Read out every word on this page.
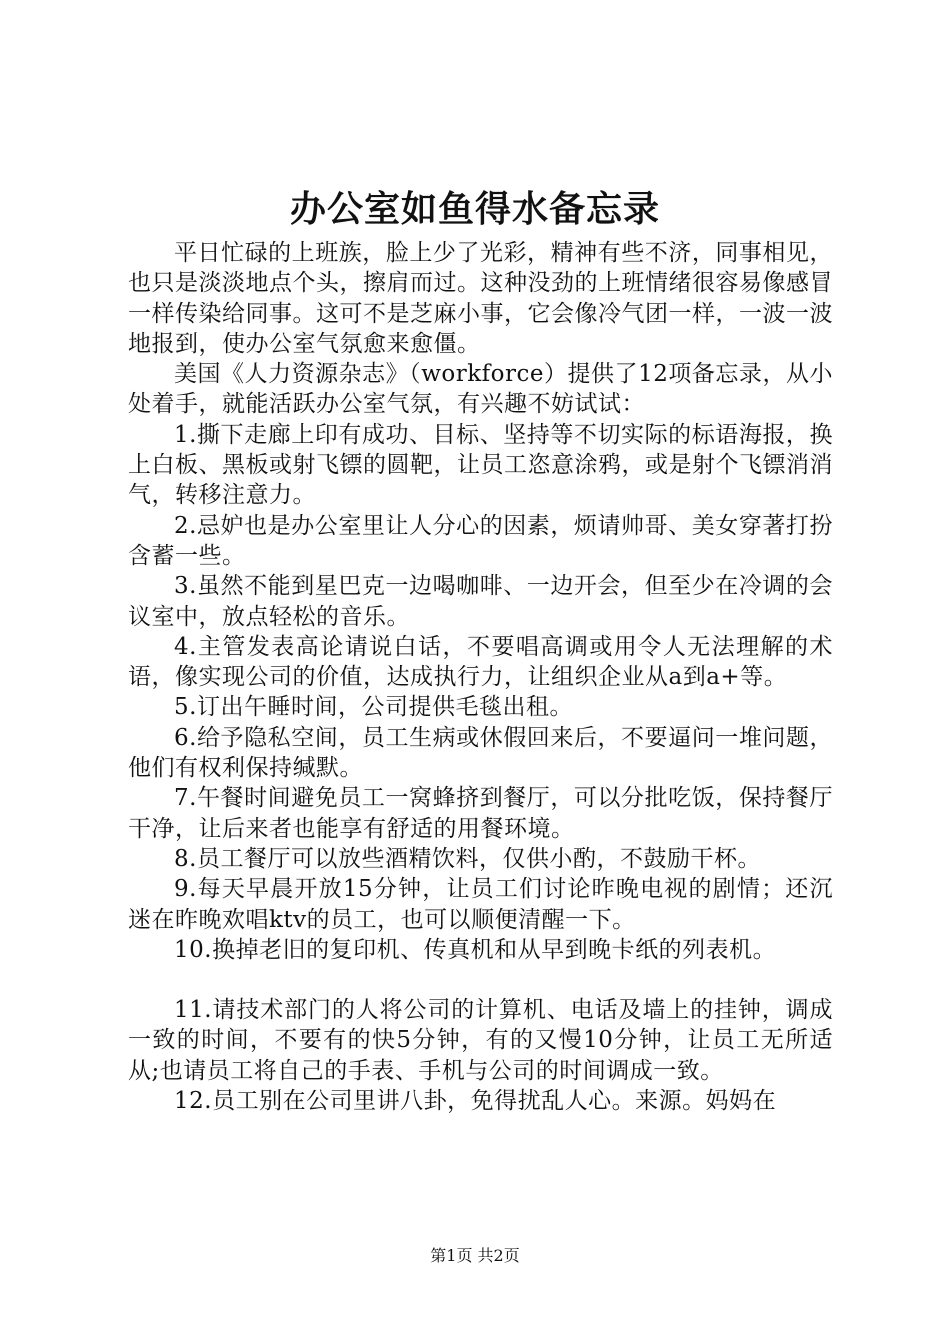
办公室如鱼得水备忘录

平日忙碌的上班族，脸上少了光彩，精神有些不济，同事相见，也只是淡淡地点个头，擦肩而过。这种没劲的上班情绪很容易像感冒一样传染给同事。这可不是芝麻小事，它会像冷气团一样，一波一波地报到，使办公室气氛愈来愈僵。

美国《人力资源杂志》（workforce）提供了12项备忘录，从小处着手，就能活跃办公室气氛，有兴趣不妨试试：

1.撕下走廊上印有成功、目标、坚持等不切实际的标语海报，换上白板、黑板或射飞镖的圆靶，让员工恣意涂鸦，或是射个飞镖消消气，转移注意力。

2.忌妒也是办公室里让人分心的因素，烦请帅哥、美女穿著打扮含蓄一些。

3.虽然不能到星巴克一边喝咖啡、一边开会，但至少在冷调的会议室中，放点轻松的音乐。

4.主管发表高论请说白话，不要唱高调或用令人无法理解的术语，像实现公司的价值，达成执行力，让组织企业从a到a+等。

5.订出午睡时间，公司提供毛毯出租。

6.给予隐私空间，员工生病或休假回来后，不要逼问一堆问题，他们有权利保持缄默。

7.午餐时间避免员工一窝蜂挤到餐厅，可以分批吃饭，保持餐厅干净，让后来者也能享有舒适的用餐环境。

8.员工餐厅可以放些酒精饮料，仅供小酌，不鼓励干杯。

9.每天早晨开放15分钟，让员工们讨论昨晚电视的剧情；还沉迷在昨晚欢唱ktv的员工，也可以顺便清醒一下。

10.换掉老旧的复印机、传真机和从早到晚卡纸的列表机。

11.请技术部门的人将公司的计算机、电话及墙上的挂钟，调成一致的时间，不要有的快5分钟，有的又慢10分钟，让员工无所适从;也请员工将自己的手表、手机与公司的时间调成一致。

12.员工别在公司里讲八卦，免得扰乱人心。来源。妈妈在

第1页 共2页
